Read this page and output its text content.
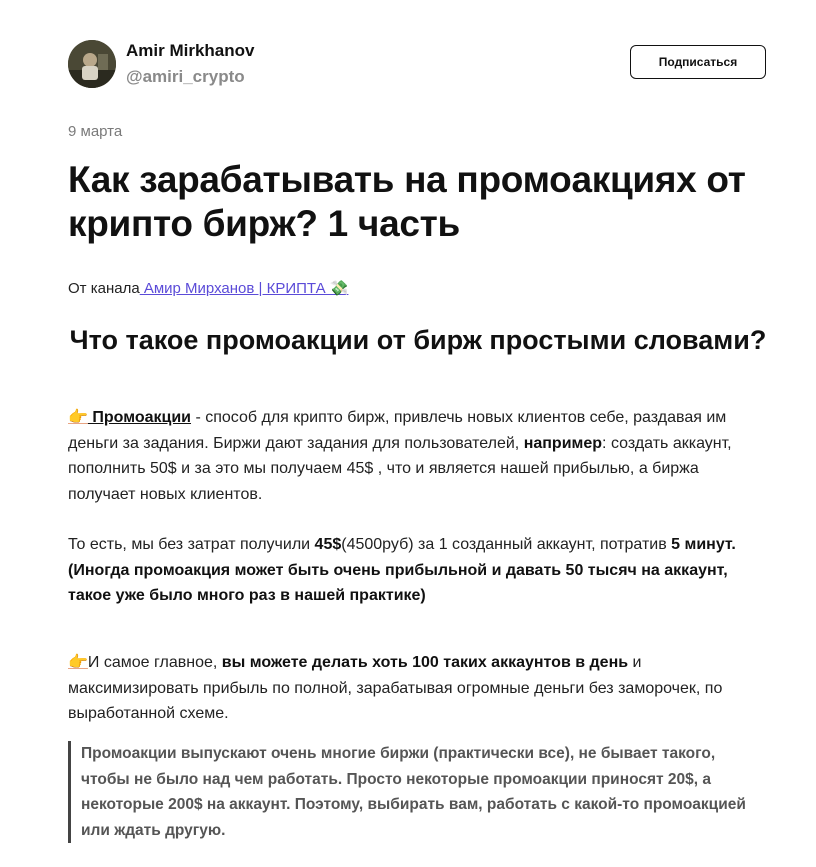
Amir Mirkhanov
@amiri_crypto
Подписаться
9 марта
Как зарабатывать на промоакциях от крипто бирж? 1 часть
От канала Амир Мирханов | КРИПТА 💸
Что такое промоакции от бирж простыми словами?

👉 Промоакции - способ для крипто бирж, привлечь новых клиентов себе, раздавая им деньги за задания. Биржи дают задания для пользователей, например: создать аккаунт, пополнить 50$ и за это мы получаем 45$ , что и является нашей прибылью, а биржа получает новых клиентов.

То есть, мы без затрат получили 45$(4500руб) за 1 созданный аккаунт, потратив 5 минут. (Иногда промоакция может быть очень прибыльной и давать 50 тысяч на аккаунт, такое уже было много раз в нашей практике)

👉И самое главное, вы можете делать хоть 100 таких аккаунтов в день и максимизировать прибыль по полной, зарабатывая огромные деньги без заморочек, по выработанной схеме.

Промоакции выпускают очень многие биржи (практически все), не бывает такого, чтобы не было над чем работать. Просто некоторые промоакции приносят 20$, а некоторые 200$ на аккаунт. Поэтому, выбирать вам, работать с какой-то промоакцией или ждать другую.
